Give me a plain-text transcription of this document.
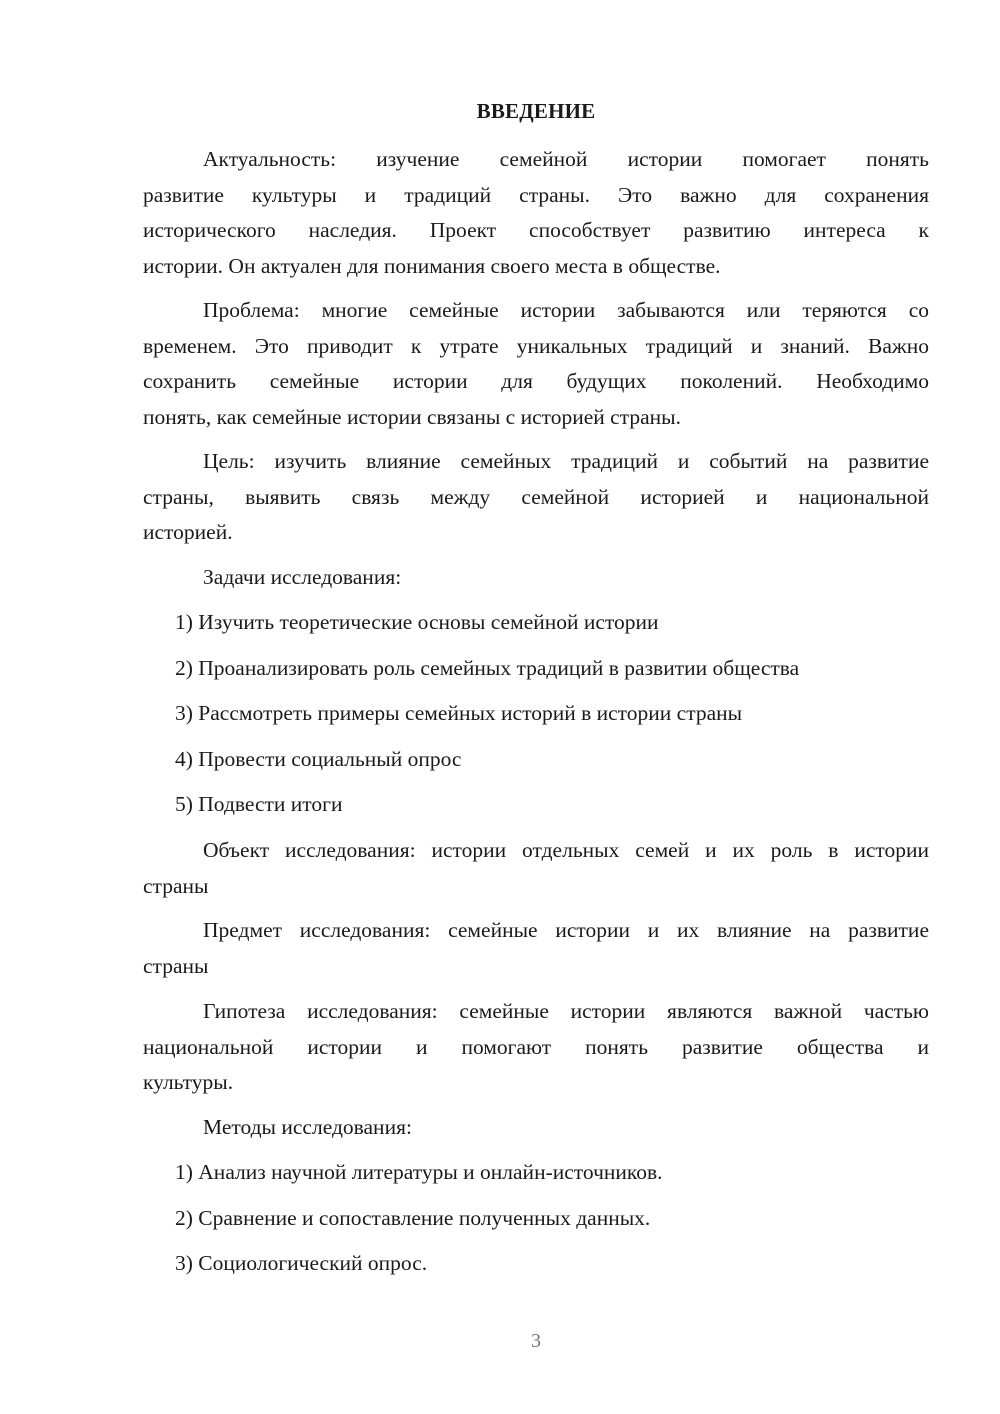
ВВЕДЕНИЕ
Актуальность: изучение семейной истории помогает понять
развитие культуры и традиций страны. Это важно для сохранения
исторического наследия. Проект способствует развитию интереса к
истории. Он актуален для понимания своего места в обществе.
Проблема: многие семейные истории забываются или теряются со
временем. Это приводит к утрате уникальных традиций и знаний. Важно
сохранить семейные истории для будущих поколений. Необходимо
понять, как семейные истории связаны с историей страны.
Цель: изучить влияние семейных традиций и событий на развитие
страны, выявить связь между семейной историей и национальной
историей.
Задачи исследования:
1) Изучить теоретические основы семейной истории
2) Проанализировать роль семейных традиций в развитии общества
3) Рассмотреть примеры семейных историй в истории страны
4) Провести социальный опрос
5) Подвести итоги
Объект исследования: истории отдельных семей и их роль в истории
страны
Предмет исследования: семейные истории и их влияние на развитие
страны
Гипотеза исследования: семейные истории являются важной частью
национальной истории и помогают понять развитие общества и
культуры.
Методы исследования:
1) Анализ научной литературы и онлайн-источников.
2) Сравнение и сопоставление полученных данных.
3) Социологический опрос.
3
